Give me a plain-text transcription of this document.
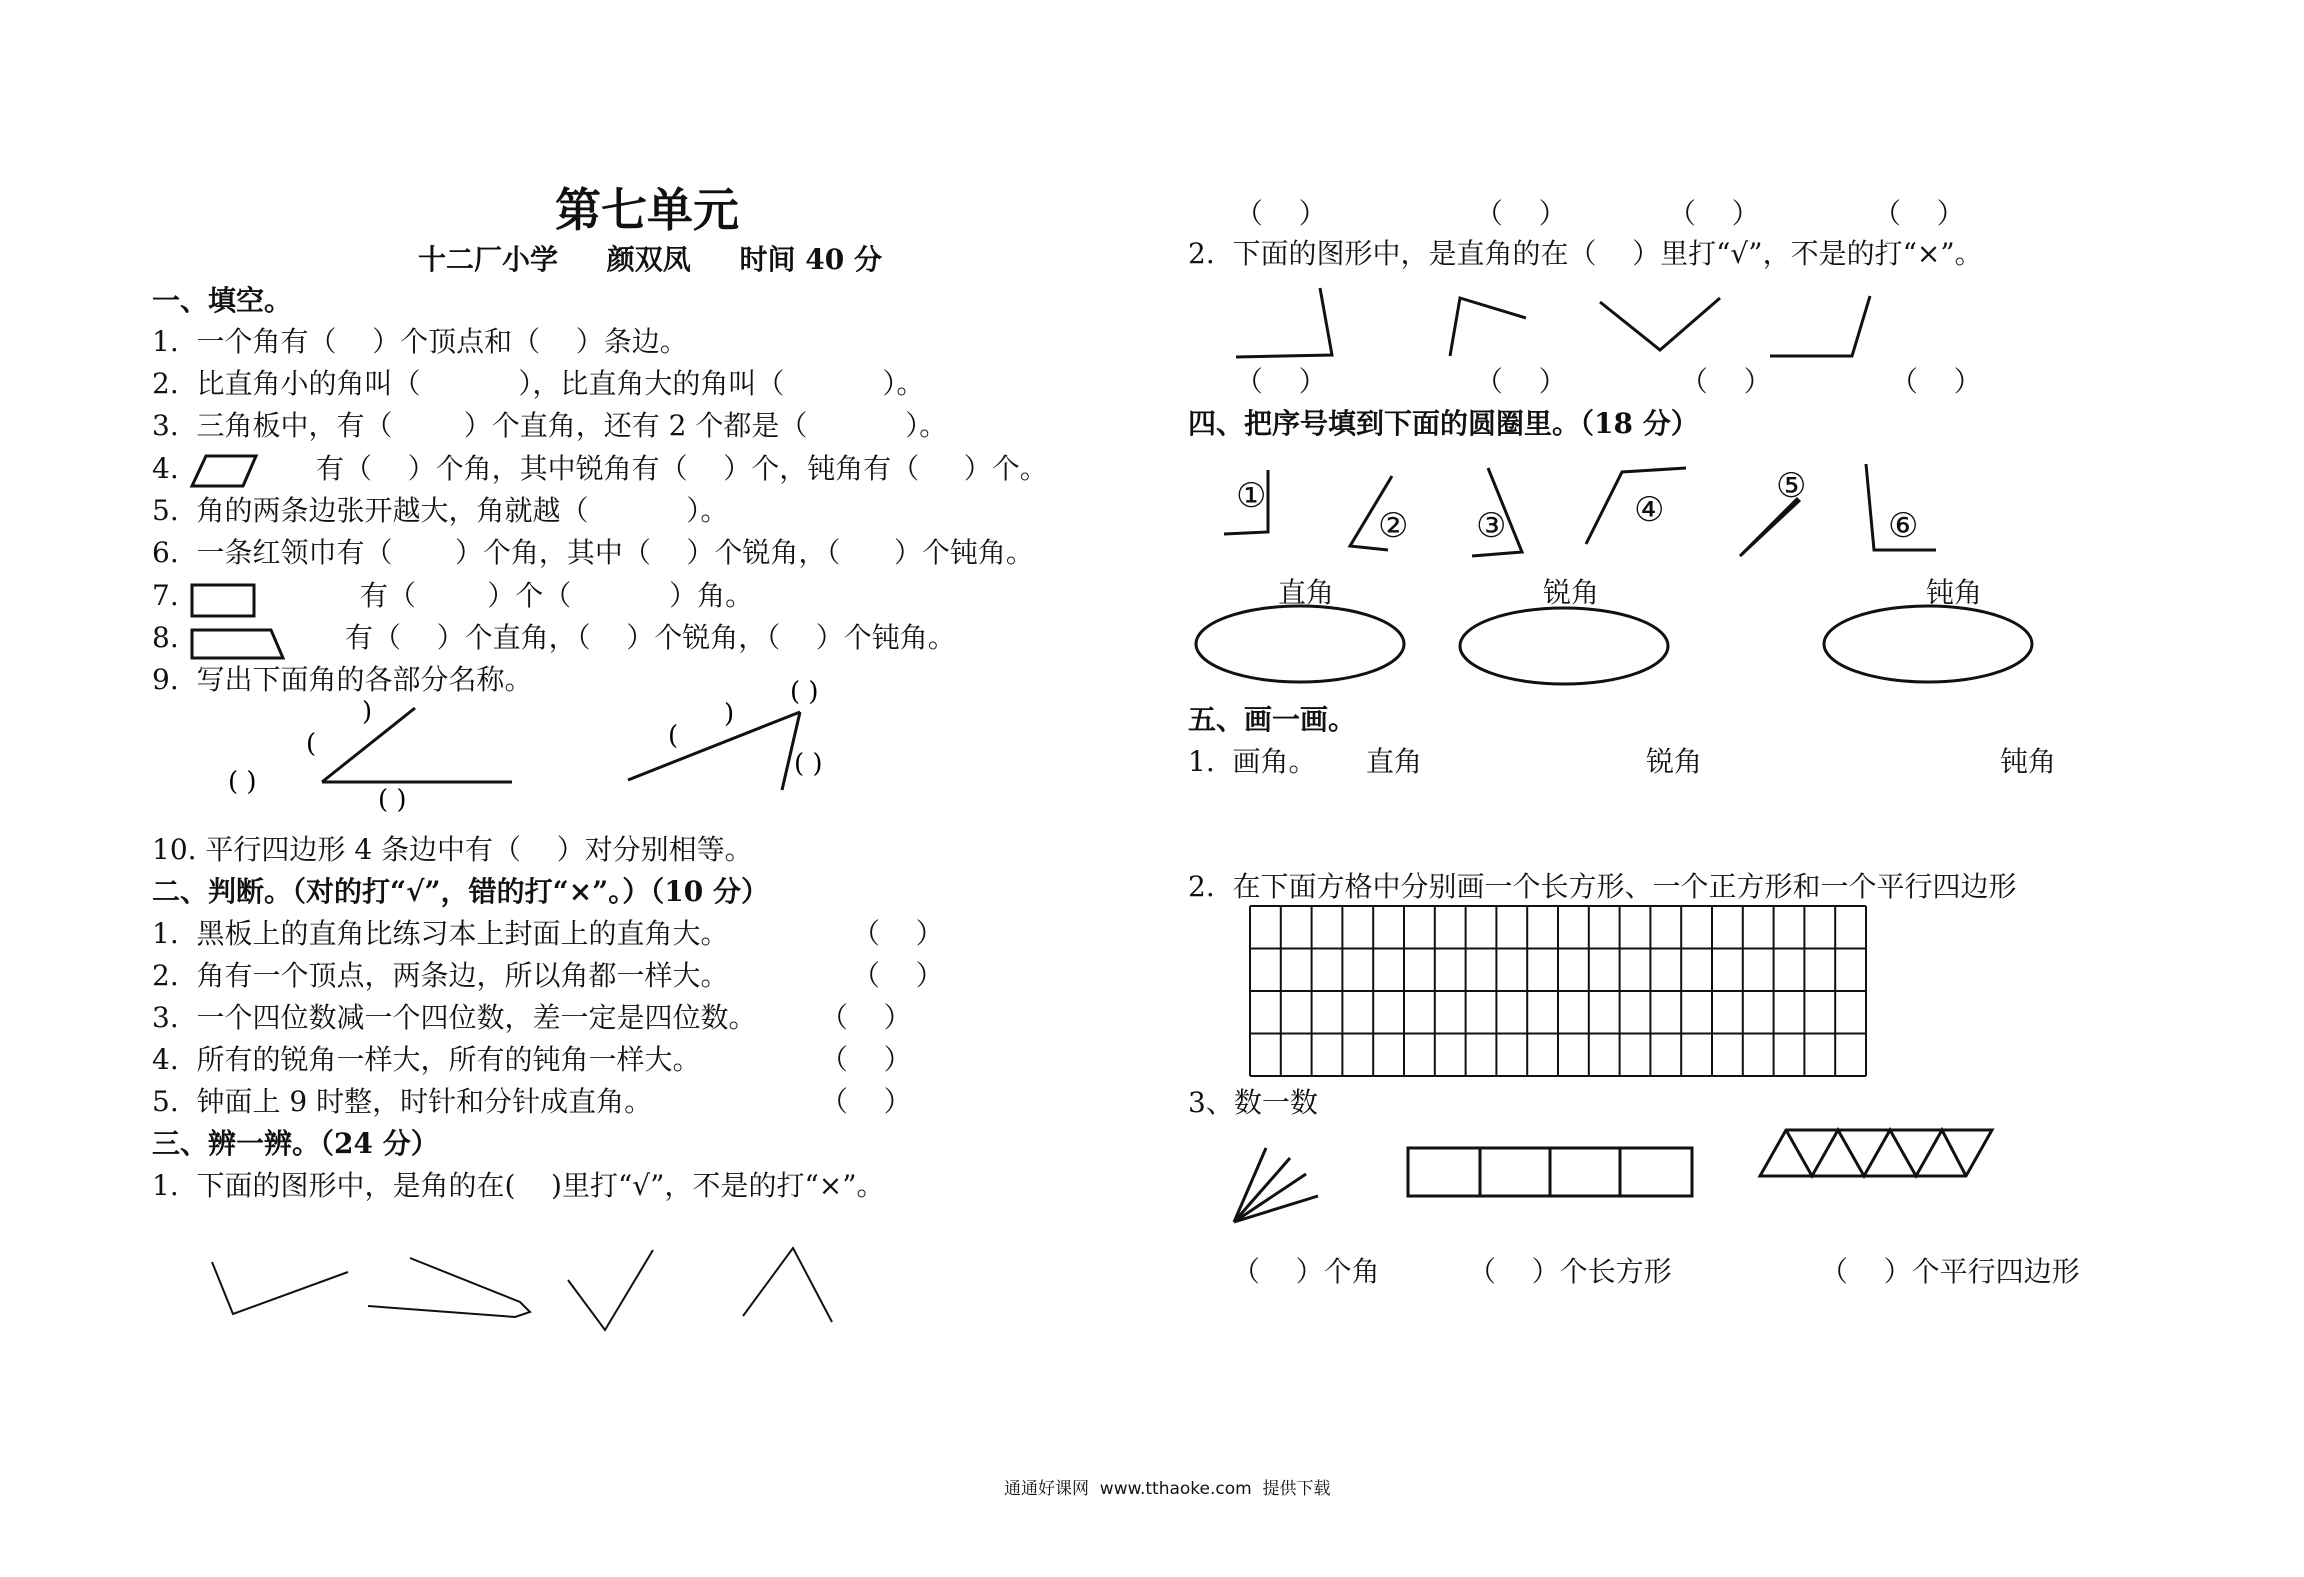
第七单元
十二厂小学     颜双凤     时间 40 分
一、填空。
1.  一个角有（    ）个顶点和（    ）条边。
2.  比直角小的角叫（           ），比直角大的角叫（           ）。
3.  三角板中，有（        ）个直角，还有 2 个都是（           ）。
4.	有（    ）个角，其中锐角有（    ）个，钝角有（     ）个。
5.  角的两条边张开越大，角就越（           ）。
6.  一条红领巾有（       ）个角，其中（    ）个锐角，（      ）个钝角。
7.	有（        ）个（           ）角。
8.	有（    ）个直角，（    ）个锐角，（    ）个钝角。
9.  写出下面角的各部分名称。
10. 平行四边形 4 条边中有（    ）对分别相等。
二、判断。（对的打“√”，错的打“×”。）（10 分）
1.  黑板上的直角比练习本上封面上的直角大。	（    ）
2.  角有一个顶点，两条边，所以角都一样大。	（    ）
3.  一个四位数减一个四位数，差一定是四位数。 （    ）
4.  所有的锐角一样大，所有的钝角一样大。	（    ）
5.  钟面上 9 时整，时针和分针成直角。	（    ）
三、辨一辨。（24 分）
1.  下面的图形中，是角的在(    )里打“√”，不是的打“×”。
（    ）	（    ）	（    ）	（    ）
2.  下面的图形中，是直角的在（    ）里打“√”，不是的打“×”。
（    ）	（    ）	（    ）	（    ）
四、把序号填到下面的圆圈里。（18 分）
①
② ③	④
⑤
⑥
直角	锐角	钝角
五、画一画。
1.  画角。 直角	锐角	钝角
2.  在下面方格中分别画一个长方形、一个正方形和一个平行四边形
3、数一数
（    ）个角	（    ）个长方形	（    ）个平行四边形
通通好课网  www.tthaoke.com  提供下载
)
(
( )
( )
( )
)
(
( )
